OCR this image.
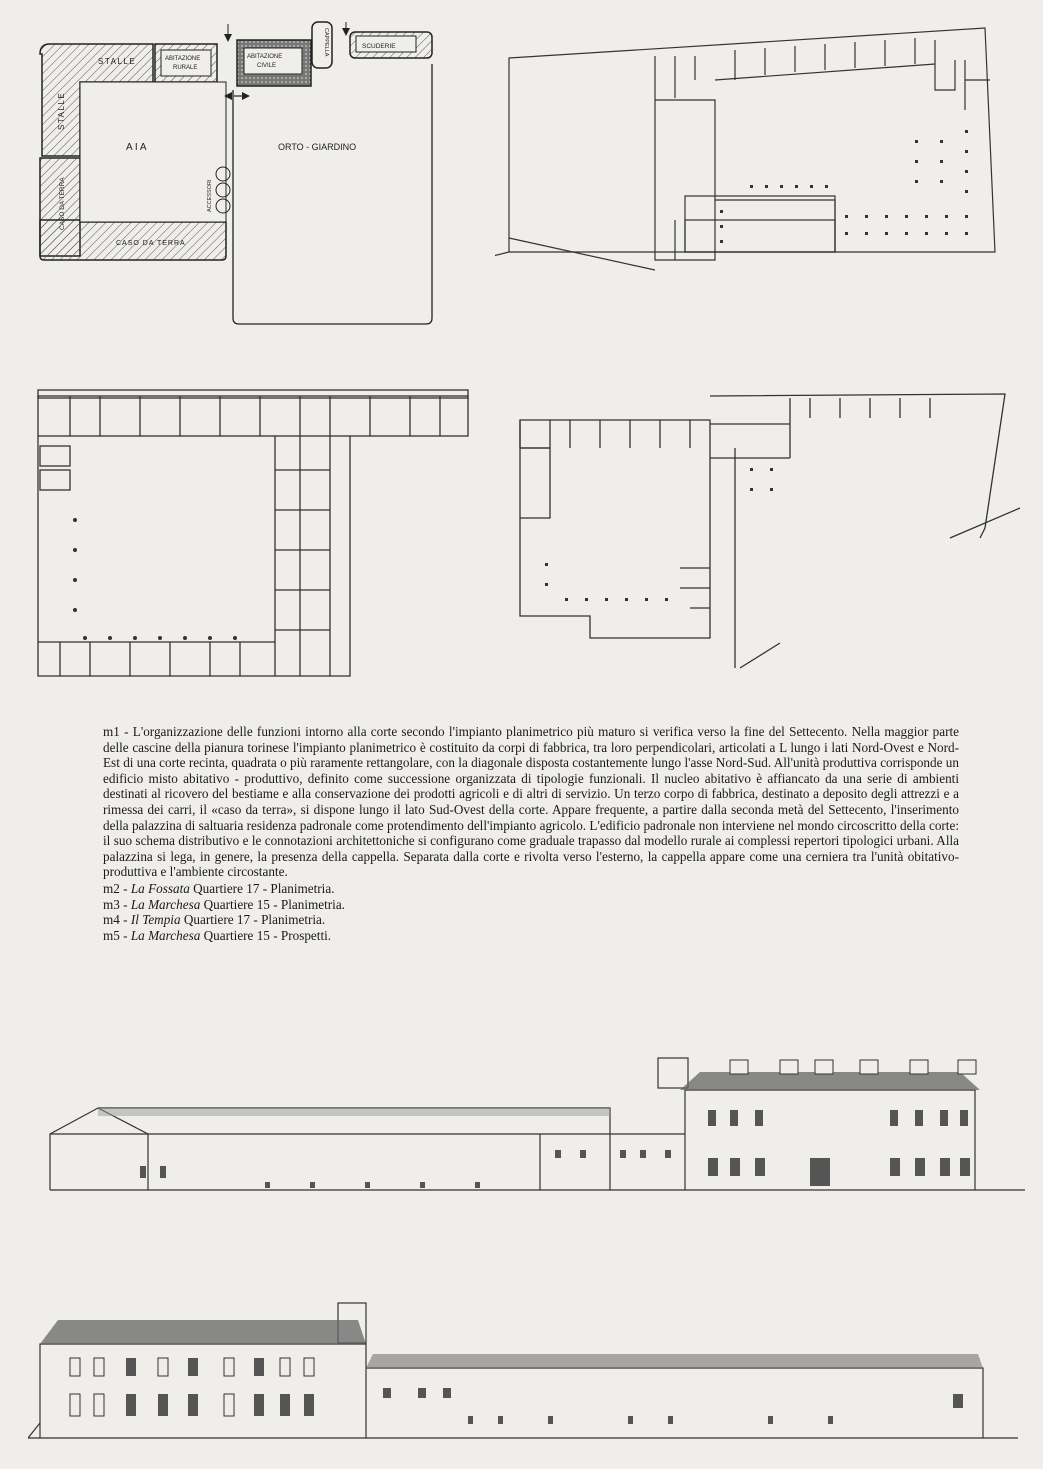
STALLE	ABITAZIONE
RURALE
ABITAZIONE
CIVILE
CAPPELLA	SCUDERIE
STALLE
A I A	ORTO - GIARDINO
CASO DA TERRA
CASO DA TERRA
ACCESSORI

m1 - L'organizzazione delle funzioni intorno alla corte secondo l'impianto planimetrico più maturo si verifica verso la fine del Settecento. Nella maggior parte delle cascine della pianura torinese l'impianto planimetrico è costituito da corpi di fabbrica, tra loro perpendicolari, articolati a L lungo i lati Nord-Ovest e Nord-Est di una corte recinta, quadrata o più raramente rettangolare, con la diagonale disposta costantemente lungo l'asse Nord-Sud. All'unità produttiva corrisponde un edificio misto abitativo - produttivo, definito come successione organizzata di tipologie funzionali. Il nucleo abitativo è affiancato da una serie di ambienti destinati al ricovero del bestiame e alla conservazione dei prodotti agricoli e di altri di servizio. Un terzo corpo di fabbrica, destinato a deposito degli attrezzi e a rimessa dei carri, il «caso da terra», si dispone lungo il lato Sud-Ovest della corte. Appare frequente, a partire dalla seconda metà del Settecento, l'inserimento della palazzina di saltuaria residenza padronale come protendimento dell'impianto agricolo. L'edificio padronale non interviene nel mondo circoscritto della corte: il suo schema distributivo e le connotazioni architettoniche si configurano come graduale trapasso dal modello rurale ai complessi repertori tipologici urbani. Alla palazzina si lega, in genere, la presenza della cappella. Separata dalla corte e rivolta verso l'esterno, la cappella appare come una cerniera tra l'unità obitativo-produttiva e l'ambiente circostante.

m2 - La Fossata Quartiere 17 - Planimetria.
m3 - La Marchesa Quartiere 15 - Planimetria.
m4 - Il Tempia Quartiere 17 - Planimetria.
m5 - La Marchesa Quartiere 15 - Prospetti.
